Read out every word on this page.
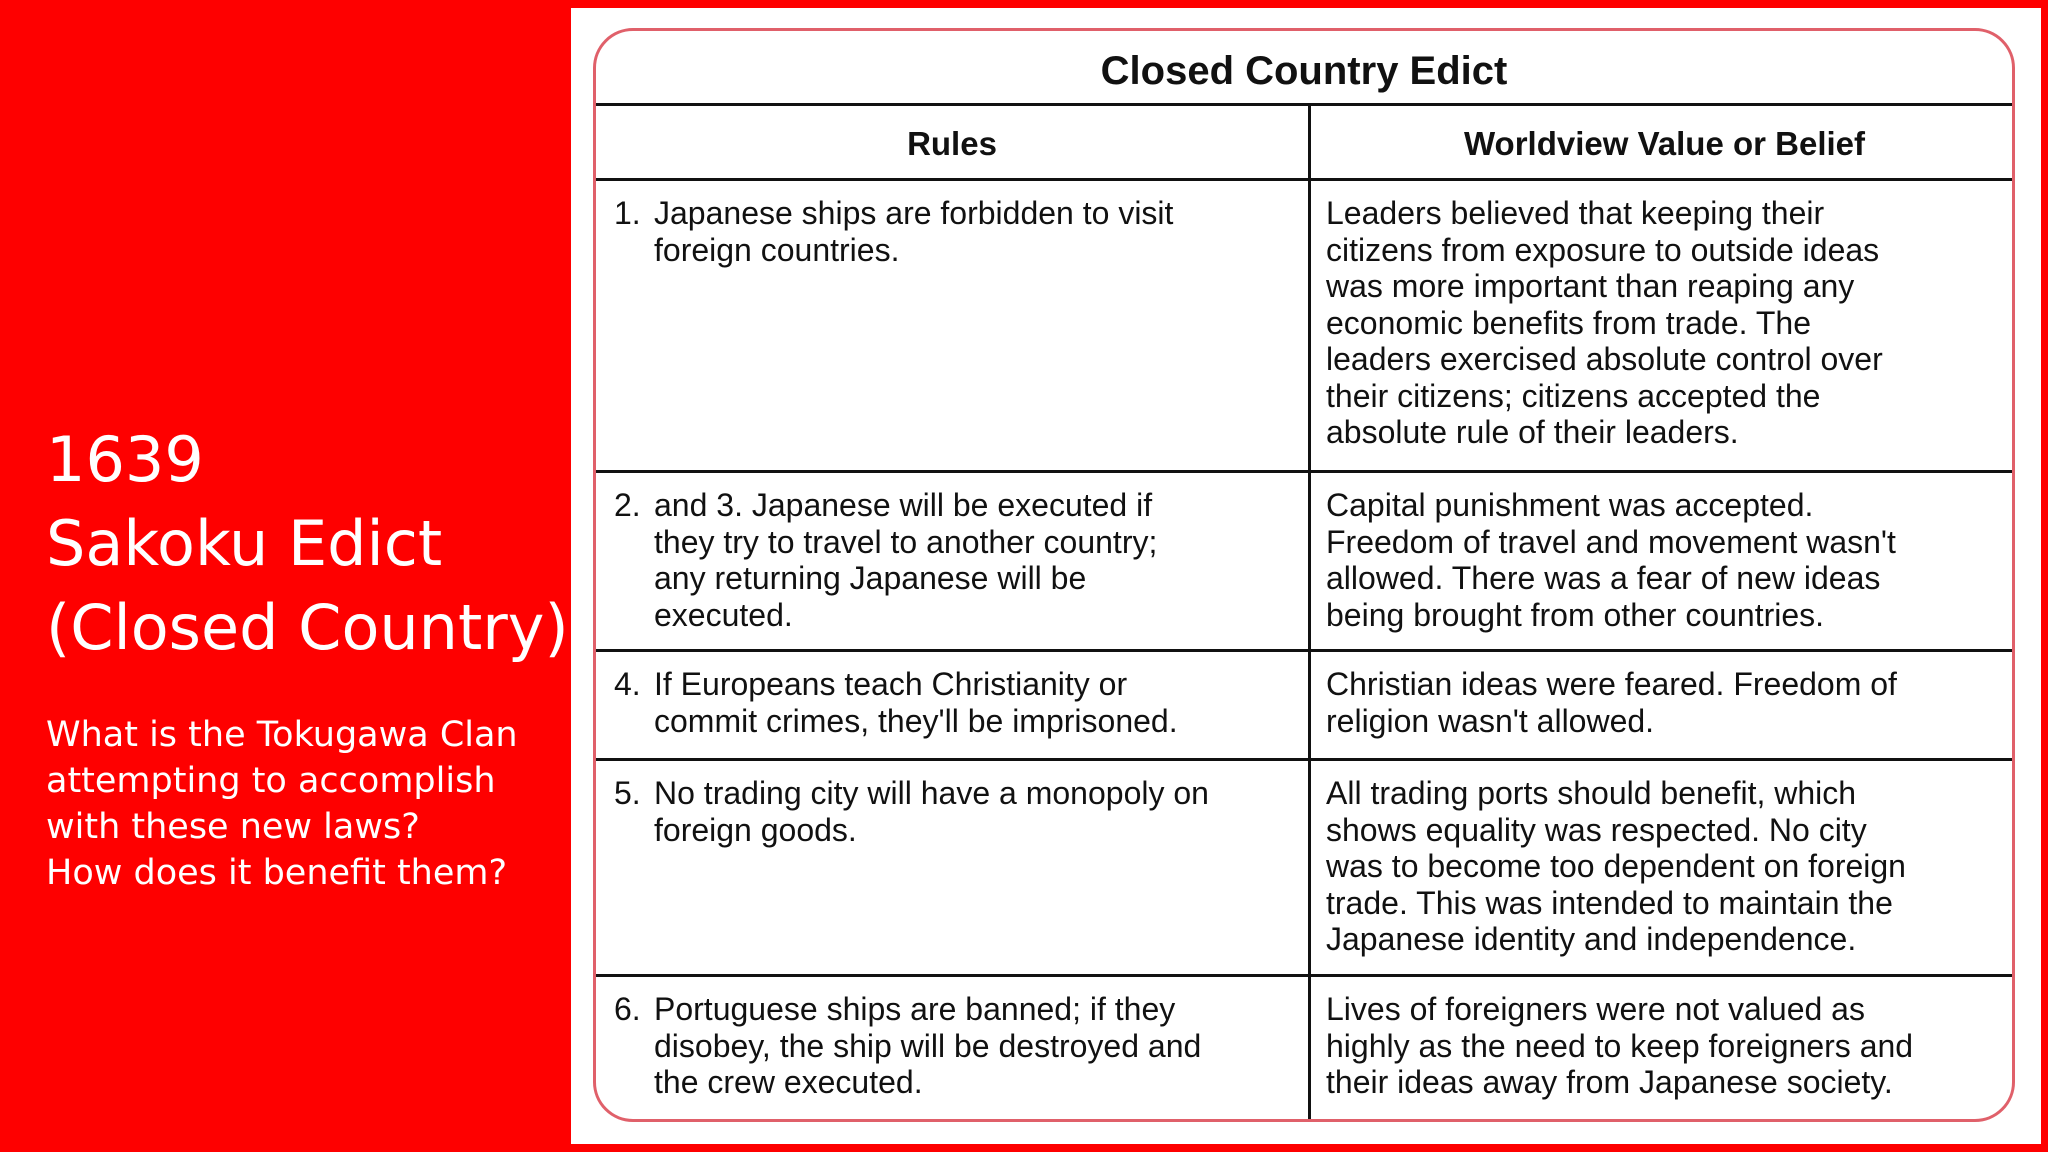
1639
Sakoku Edict
(Closed Country)

What is the Tokugawa Clan
attempting to accomplish
with these new laws?
How does it benefit them?

Closed Country Edict
Rules	Worldview Value or Belief
1. Japanese ships are forbidden to visit
foreign countries.
Leaders believed that keeping their
citizens from exposure to outside ideas
was more important than reaping any
economic benefits from trade. The
leaders exercised absolute control over
their citizens; citizens accepted the
absolute rule of their leaders.
2. and 3. Japanese will be executed if
they try to travel to another country;
any returning Japanese will be
executed.
Capital punishment was accepted.
Freedom of travel and movement wasn't
allowed. There was a fear of new ideas
being brought from other countries.
4. If Europeans teach Christianity or
commit crimes, they'll be imprisoned.
Christian ideas were feared. Freedom of
religion wasn't allowed.
5. No trading city will have a monopoly on
foreign goods.
All trading ports should benefit, which
shows equality was respected. No city
was to become too dependent on foreign
trade. This was intended to maintain the
Japanese identity and independence.
6. Portuguese ships are banned; if they
disobey, the ship will be destroyed and
the crew executed.
Lives of foreigners were not valued as
highly as the need to keep foreigners and
their ideas away from Japanese society.
